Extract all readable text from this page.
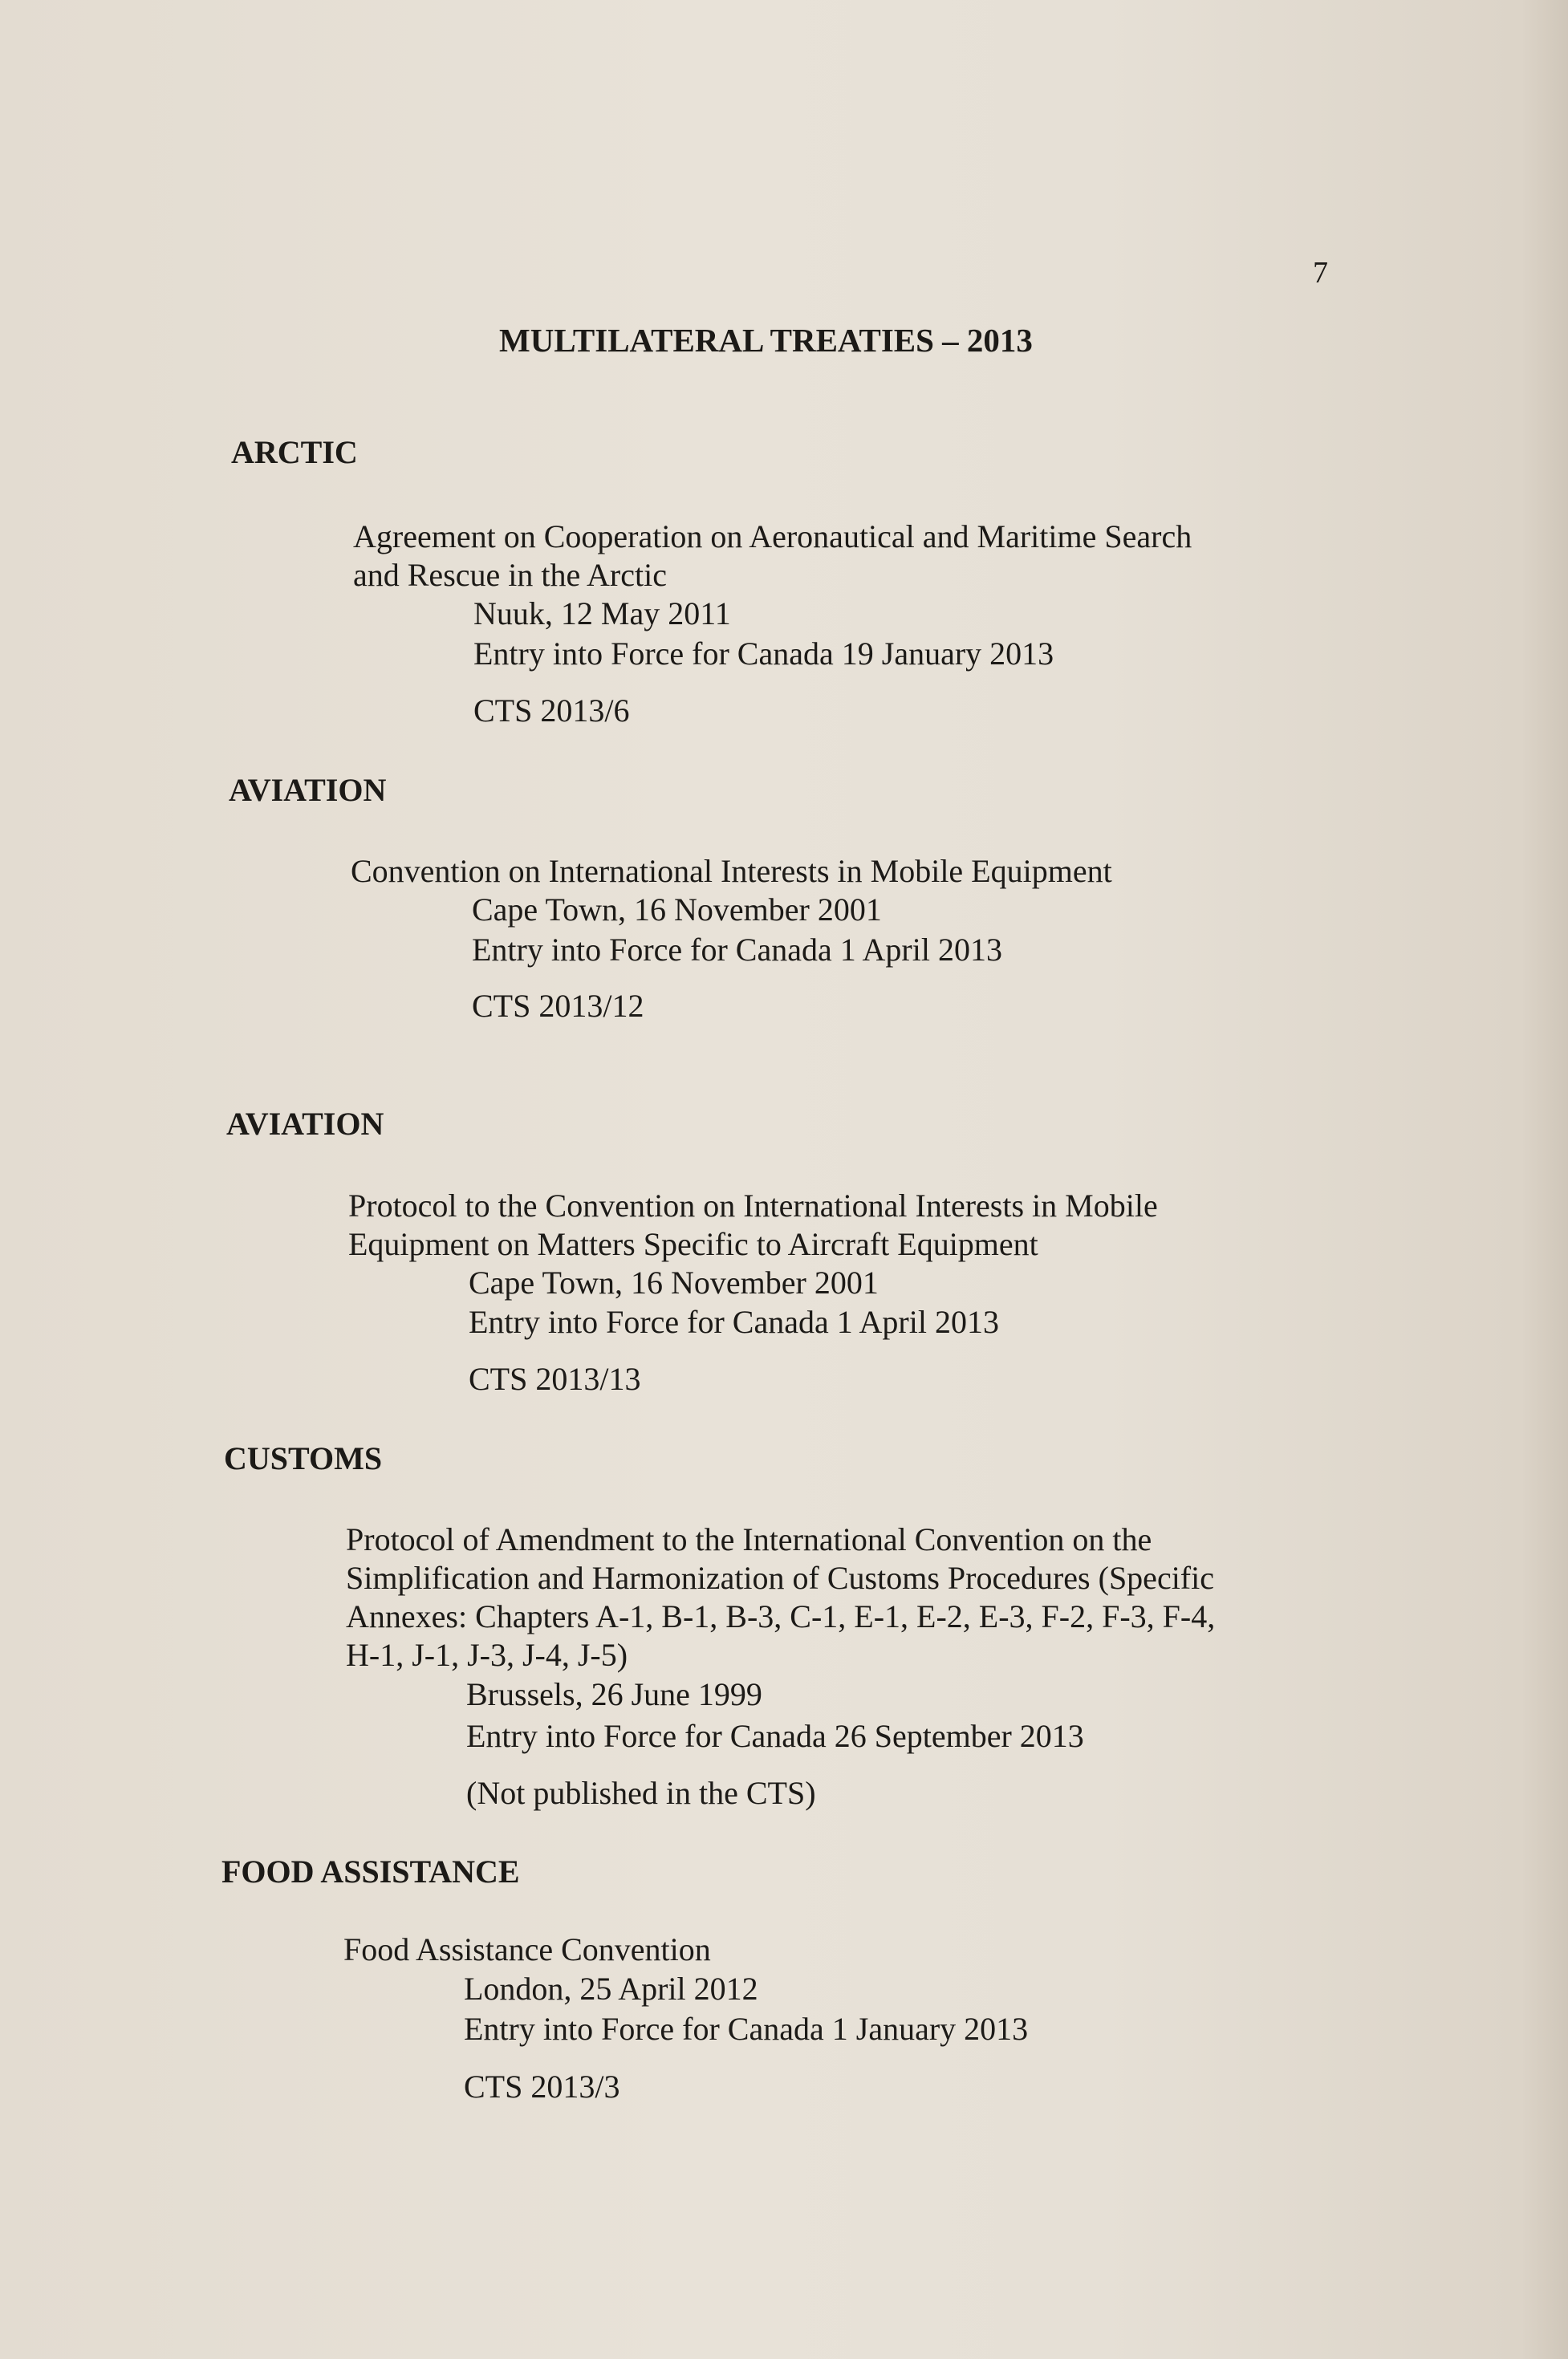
7
MULTILATERAL TREATIES – 2013
ARCTIC
Agreement on Cooperation on Aeronautical and Maritime Search
and Rescue in the Arctic
Nuuk, 12 May 2011
Entry into Force for Canada 19 January 2013
CTS 2013/6
AVIATION
Convention on International Interests in Mobile Equipment
Cape Town, 16 November 2001
Entry into Force for Canada 1 April 2013
CTS 2013/12
AVIATION
Protocol to the Convention on International Interests in Mobile
Equipment on Matters Specific to Aircraft Equipment
Cape Town, 16 November 2001
Entry into Force for Canada 1 April 2013
CTS 2013/13
CUSTOMS
Protocol of Amendment to the International Convention on the
Simplification and Harmonization of Customs Procedures (Specific
Annexes: Chapters A-1, B-1, B-3, C-1, E-1, E-2, E-3, F-2, F-3, F-4,
H-1, J-1, J-3, J-4, J-5)
Brussels, 26 June 1999
Entry into Force for Canada 26 September 2013
(Not published in the CTS)
FOOD ASSISTANCE
Food Assistance Convention
London, 25 April 2012
Entry into Force for Canada 1 January 2013
CTS 2013/3
